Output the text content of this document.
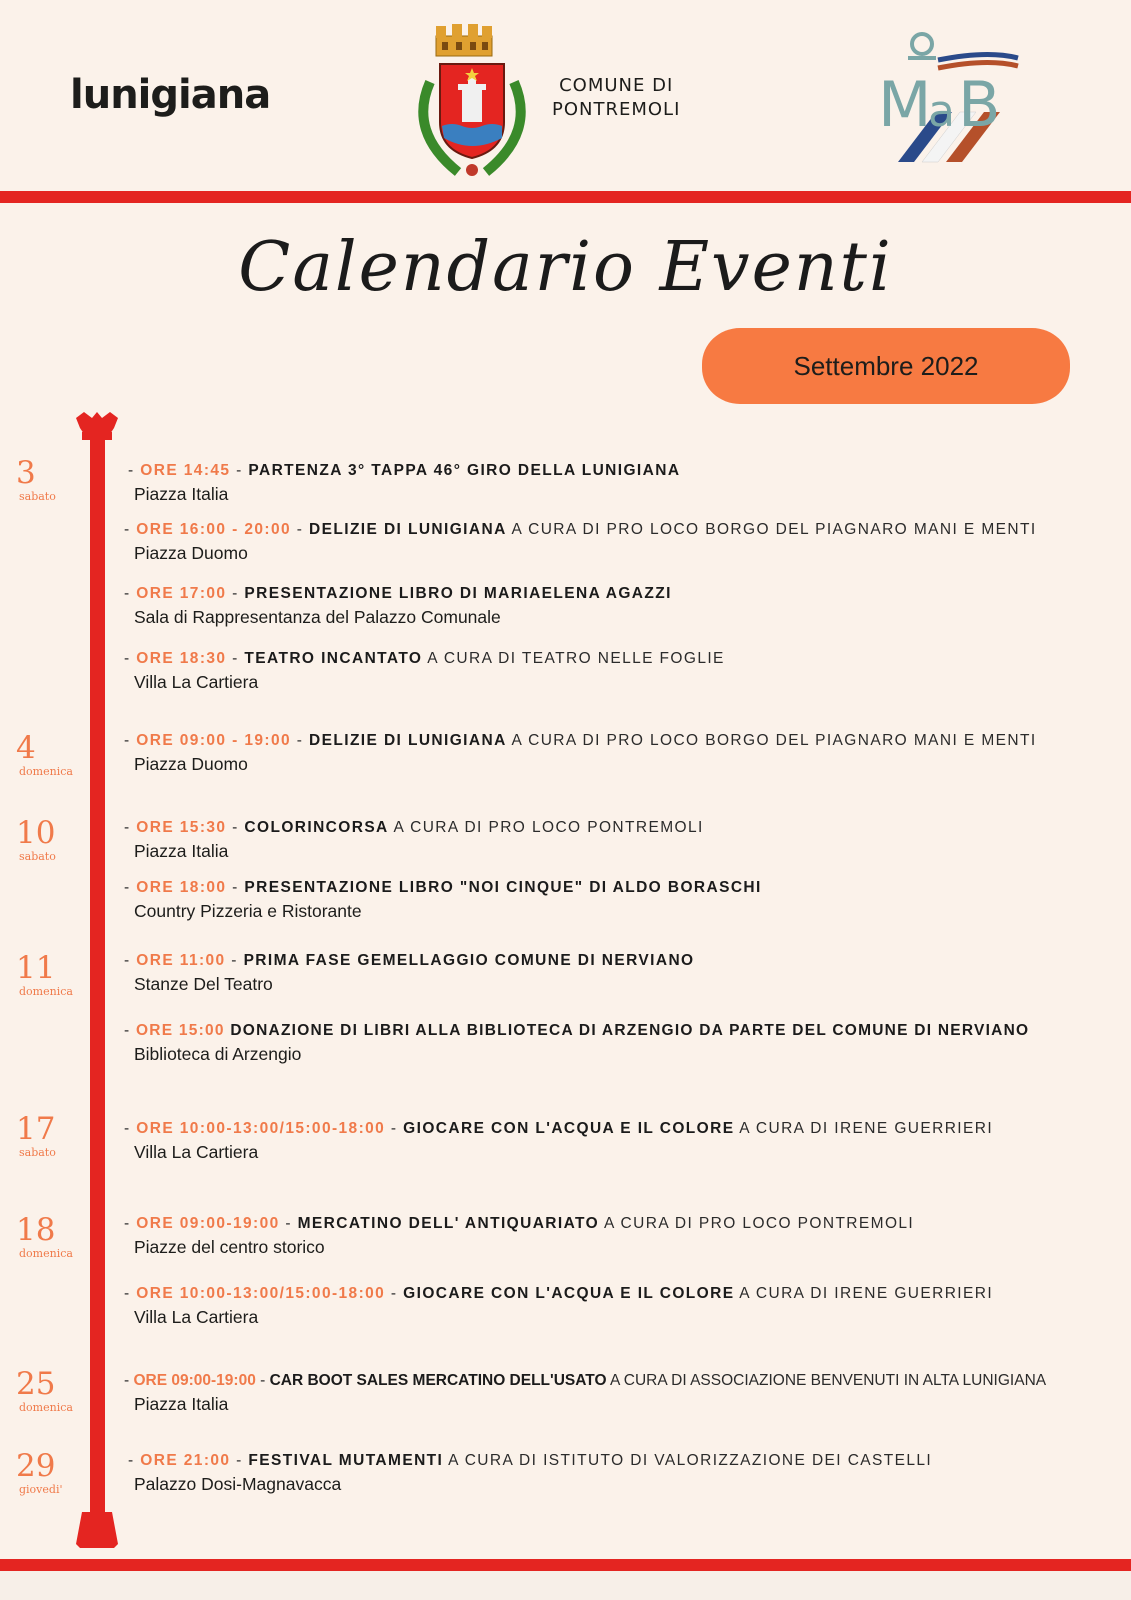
lunigiana	COMUNE DI
PONTREMOLI	M
a B
Calendario Eventi
Settembre 2022
3
sabato
4
domenica
10
sabato
11
domenica
17
sabato
18
domenica
25
domenica
29
giovedi'
- ORE 14:45 - PARTENZA 3° TAPPA 46° GIRO DELLA LUNIGIANA
Piazza Italia
- ORE 16:00 - 20:00 - DELIZIE DI LUNIGIANA A CURA DI PRO LOCO BORGO DEL PIAGNARO MANI E MENTI
Piazza Duomo
- ORE 17:00 - PRESENTAZIONE LIBRO DI MARIAELENA AGAZZI
Sala di Rappresentanza del Palazzo Comunale
- ORE 18:30 - TEATRO INCANTATO A CURA DI TEATRO NELLE FOGLIE
Villa La Cartiera
- ORE 09:00 - 19:00 - DELIZIE DI LUNIGIANA A CURA DI PRO LOCO BORGO DEL PIAGNARO MANI E MENTI
Piazza Duomo
- ORE 15:30 - COLORINCORSA A CURA DI PRO LOCO PONTREMOLI
Piazza Italia
- ORE 18:00 - PRESENTAZIONE LIBRO "NOI CINQUE" DI ALDO BORASCHI
Country Pizzeria e Ristorante
- ORE 11:00 - PRIMA FASE GEMELLAGGIO COMUNE DI NERVIANO
Stanze Del Teatro
- ORE 15:00 DONAZIONE DI LIBRI ALLA BIBLIOTECA DI ARZENGIO DA PARTE DEL COMUNE DI NERVIANO
Biblioteca di Arzengio
- ORE 10:00-13:00/15:00-18:00 - GIOCARE CON L'ACQUA E IL COLORE A CURA DI IRENE GUERRIERI
Villa La Cartiera
- ORE 09:00-19:00 - MERCATINO DELL' ANTIQUARIATO A CURA DI PRO LOCO PONTREMOLI
Piazze del centro storico
- ORE 10:00-13:00/15:00-18:00 - GIOCARE CON L'ACQUA E IL COLORE A CURA DI IRENE GUERRIERI
Villa La Cartiera
- ORE 09:00-19:00 - CAR BOOT SALES MERCATINO DELL'USATO A CURA DI ASSOCIAZIONE BENVENUTI IN ALTA LUNIGIANA
Piazza Italia
- ORE 21:00 - FESTIVAL MUTAMENTI A CURA DI ISTITUTO DI VALORIZZAZIONE DEI CASTELLI
Palazzo Dosi-Magnavacca
